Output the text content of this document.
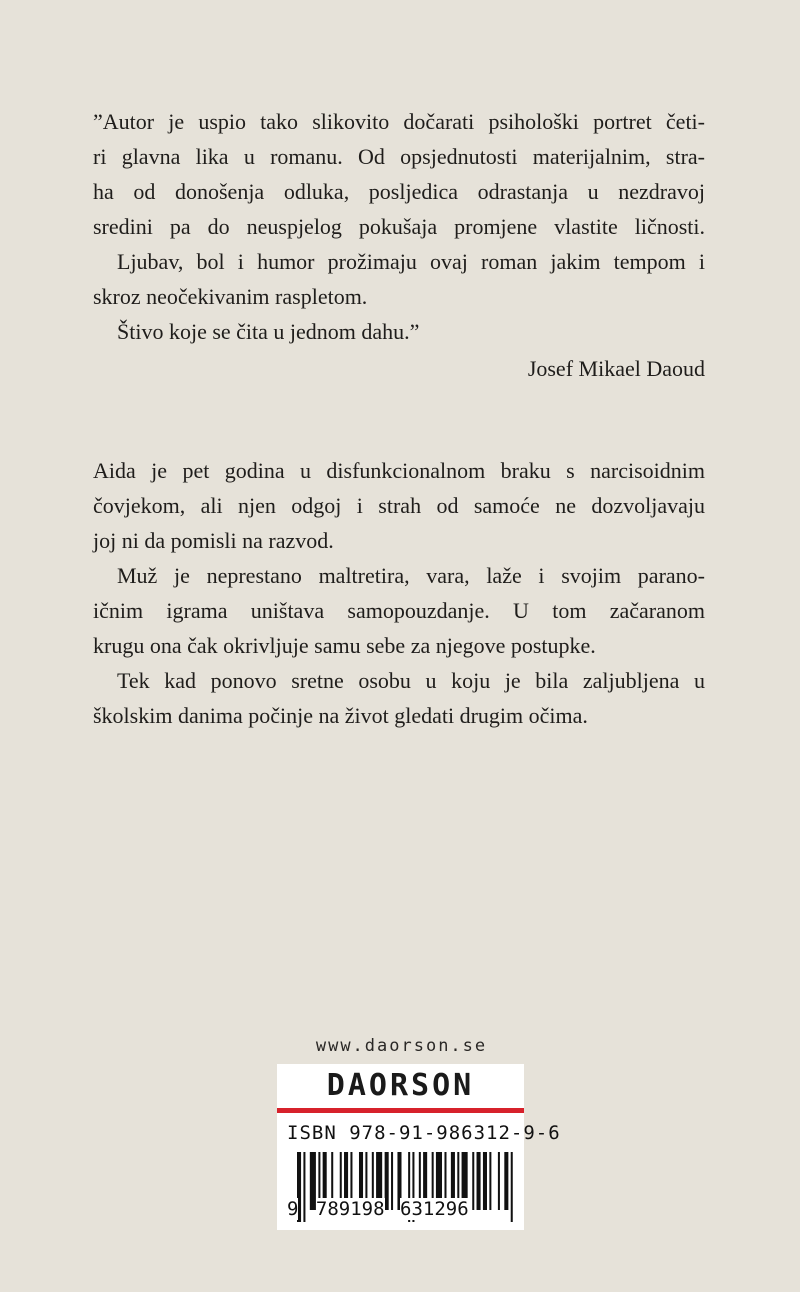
”Autor je uspio tako slikovito dočarati psihološki portret četi-
ri glavna lika u romanu. Od opsjednutosti materijalnim, stra-
ha od donošenja odluka, posljedica odrastanja u nezdravoj
sredini pa do neuspjelog pokušaja promjene vlastite ličnosti.

Ljubav, bol i humor prožimaju ovaj roman jakim tempom i
skroz neočekivanim raspletom.

Štivo koje se čita u jednom dahu.”

Josef Mikael Daoud

Aida je pet godina u disfunkcionalnom braku s narcisoidnim
čovjekom, ali njen odgoj i strah od samoće ne dozvoljavaju
joj ni da pomisli na razvod.

Muž je neprestano maltretira, vara, laže i svojim parano-
ičnim igrama uništava samopouzdanje. U tom začaranom
krugu ona čak okrivljuje samu sebe za njegove postupke.

Tek kad ponovo sretne osobu u koju je bila zaljubljena u
školskim danima počinje na život gledati drugim očima.

www.daorson.se
DAORSON
ISBN 978-91-986312-9-6
9 789198 631296
